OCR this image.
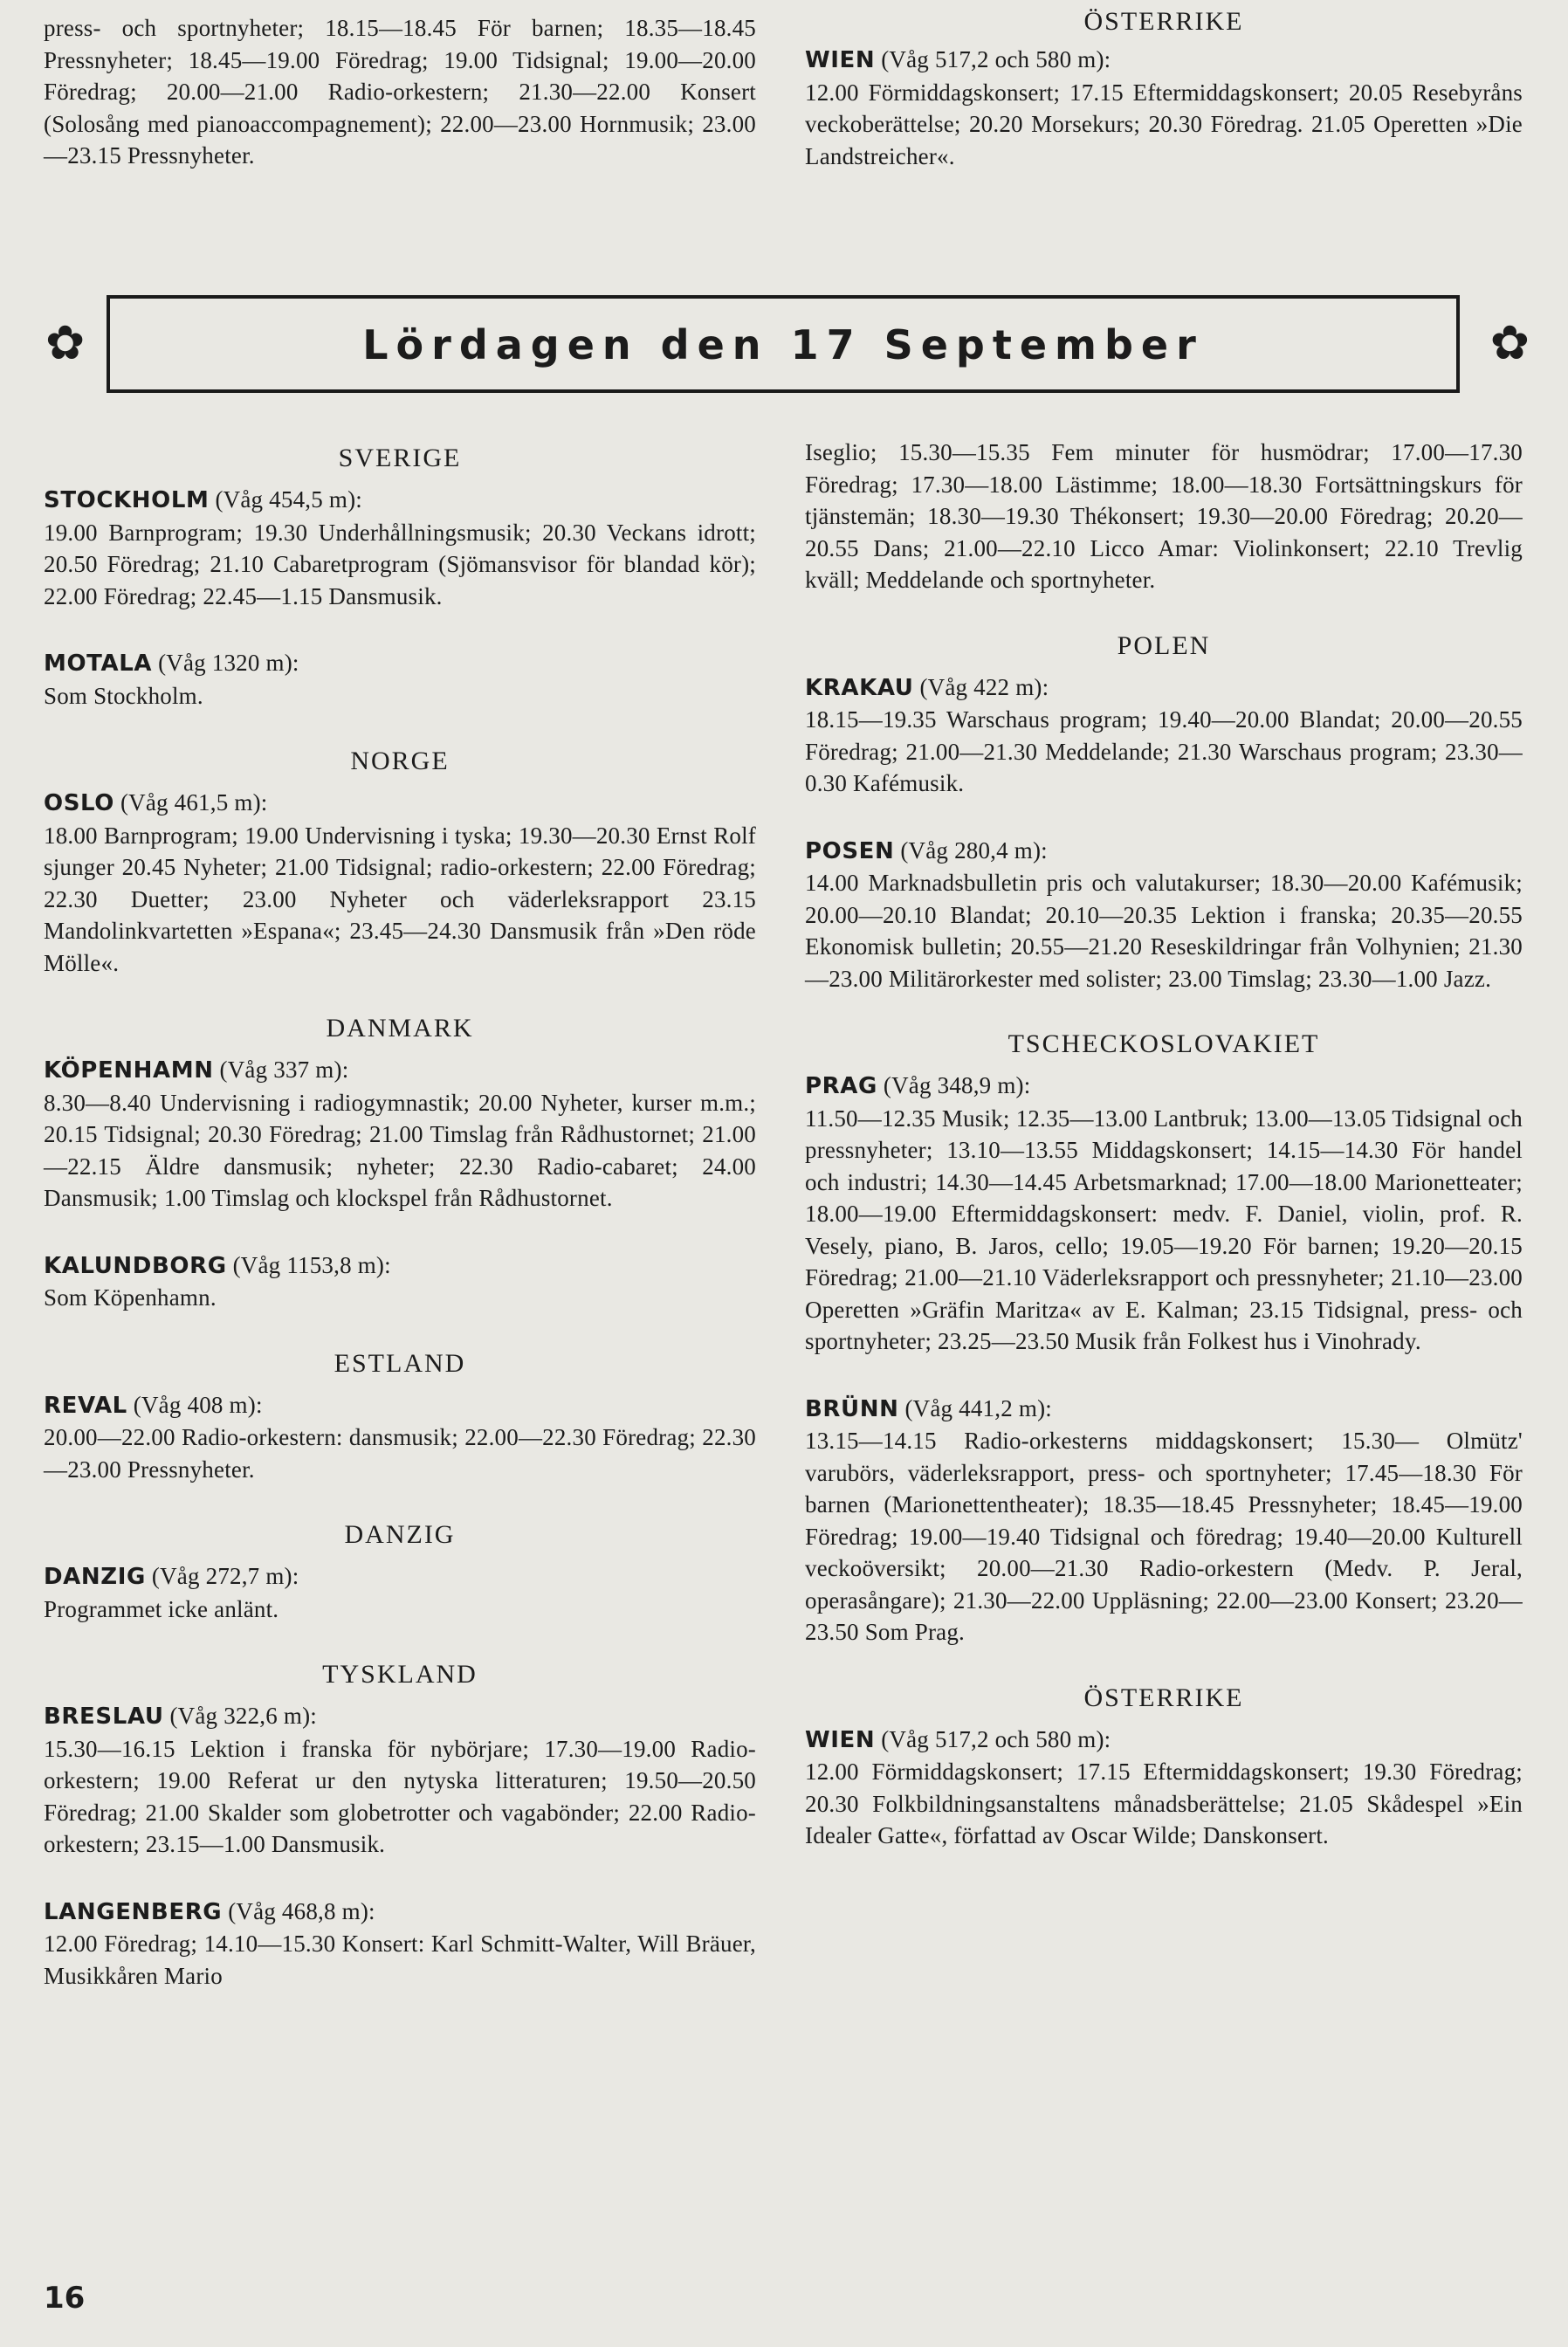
press- och sportnyheter; 18.15—18.45 För barnen; 18.35—18.45 Pressnyheter; 18.45—19.00 Föredrag; 19.00 Tidsignal; 19.00—20.00 Föredrag; 20.00—21.00 Radio-orkestern; 21.30—22.00 Konsert (Solosång med pianoaccompagnement); 22.00—23.00 Hornmusik; 23.00—23.15 Pressnyheter.

ÖSTERRIKE

WIEN (Våg 517,2 och 580 m):
12.00 Förmiddagskonsert; 17.15 Eftermiddagskonsert; 20.05 Resebyråns veckoberättelse; 20.20 Morsekurs; 20.30 Föredrag. 21.05 Operetten »Die Landstreicher«.

✿	Lördagen den 17 September	✿
SVERIGE

STOCKHOLM (Våg 454,5 m):
19.00 Barnprogram; 19.30 Underhållningsmusik; 20.30 Veckans idrott; 20.50 Föredrag; 21.10 Cabaretprogram (Sjömansvisor för blandad kör); 22.00 Föredrag; 22.45—1.15 Dansmusik.

MOTALA (Våg 1320 m):
Som Stockholm.

NORGE

OSLO (Våg 461,5 m):
18.00 Barnprogram; 19.00 Undervisning i tyska; 19.30—20.30 Ernst Rolf sjunger 20.45 Nyheter; 21.00 Tidsignal; radio-orkestern; 22.00 Föredrag; 22.30 Duetter; 23.00 Nyheter och väderleksrapport 23.15 Mandolinkvartetten »Espana«; 23.45—24.30 Dansmusik från »Den röde Mölle«.

DANMARK

KÖPENHAMN (Våg 337 m):
8.30—8.40 Undervisning i radiogymnastik; 20.00 Nyheter, kurser m.m.; 20.15 Tidsignal; 20.30 Föredrag; 21.00 Timslag från Rådhustornet; 21.00—22.15 Äldre dansmusik; nyheter; 22.30 Radio-cabaret; 24.00 Dansmusik; 1.00 Timslag och klockspel från Rådhustornet.

KALUNDBORG (Våg 1153,8 m):
Som Köpenhamn.

ESTLAND

REVAL (Våg 408 m):
20.00—22.00 Radio-orkestern: dansmusik; 22.00—22.30 Föredrag; 22.30—23.00 Pressnyheter.

DANZIG

DANZIG (Våg 272,7 m):
Programmet icke anlänt.

TYSKLAND

BRESLAU (Våg 322,6 m):
15.30—16.15 Lektion i franska för nybörjare; 17.30—19.00 Radio-orkestern; 19.00 Referat ur den nytyska litteraturen; 19.50—20.50 Föredrag; 21.00 Skalder som globetrotter och vagabönder; 22.00 Radio-orkestern; 23.15—1.00 Dansmusik.

LANGENBERG (Våg 468,8 m):
12.00 Föredrag; 14.10—15.30 Konsert: Karl Schmitt-Walter, Will Bräuer, Musikkåren Mario

Iseglio; 15.30—15.35 Fem minuter för husmödrar; 17.00—17.30 Föredrag; 17.30—18.00 Lästimme; 18.00—18.30 Fortsättningskurs för tjänstemän; 18.30—19.30 Thékonsert; 19.30—20.00 Föredrag; 20.20—20.55 Dans; 21.00—22.10 Licco Amar: Violinkonsert; 22.10 Trevlig kväll; Meddelande och sportnyheter.

POLEN

KRAKAU (Våg 422 m):
18.15—19.35 Warschaus program; 19.40—20.00 Blandat; 20.00—20.55 Föredrag; 21.00—21.30 Meddelande; 21.30 Warschaus program; 23.30—0.30 Kafémusik.

POSEN (Våg 280,4 m):
14.00 Marknadsbulletin pris och valutakurser; 18.30—20.00 Kafémusik; 20.00—20.10 Blandat; 20.10—20.35 Lektion i franska; 20.35—20.55 Ekonomisk bulletin; 20.55—21.20 Reseskildringar från Volhynien; 21.30—23.00 Militärorkester med solister; 23.00 Timslag; 23.30—1.00 Jazz.

TSCHECKOSLOVAKIET

PRAG (Våg 348,9 m):
11.50—12.35 Musik; 12.35—13.00 Lantbruk; 13.00—13.05 Tidsignal och pressnyheter; 13.10—13.55 Middagskonsert; 14.15—14.30 För handel och industri; 14.30—14.45 Arbetsmarknad; 17.00—18.00 Marionetteater; 18.00—19.00 Eftermiddagskonsert: medv. F. Daniel, violin, prof. R. Vesely, piano, B. Jaros, cello; 19.05—19.20 För barnen; 19.20—20.15 Föredrag; 21.00—21.10 Väderleksrapport och pressnyheter; 21.10—23.00 Operetten »Gräfin Maritza« av E. Kalman; 23.15 Tidsignal, press- och sportnyheter; 23.25—23.50 Musik från Folkest hus i Vinohrady.

BRÜNN (Våg 441,2 m):
13.15—14.15 Radio-orkesterns middagskonsert; 15.30— Olmütz' varubörs, väderleksrapport, press- och sportnyheter; 17.45—18.30 För barnen (Marionettentheater); 18.35—18.45 Pressnyheter; 18.45—19.00 Föredrag; 19.00—19.40 Tidsignal och föredrag; 19.40—20.00 Kulturell veckoöversikt; 20.00—21.30 Radio-orkestern (Medv. P. Jeral, operasångare); 21.30—22.00 Uppläsning; 22.00—23.00 Konsert; 23.20—23.50 Som Prag.

ÖSTERRIKE

WIEN (Våg 517,2 och 580 m):
12.00 Förmiddagskonsert; 17.15 Eftermiddagskonsert; 19.30 Föredrag; 20.30 Folkbildningsanstaltens månadsberättelse; 21.05 Skådespel »Ein Idealer Gatte«, författad av Oscar Wilde; Danskonsert.

16
